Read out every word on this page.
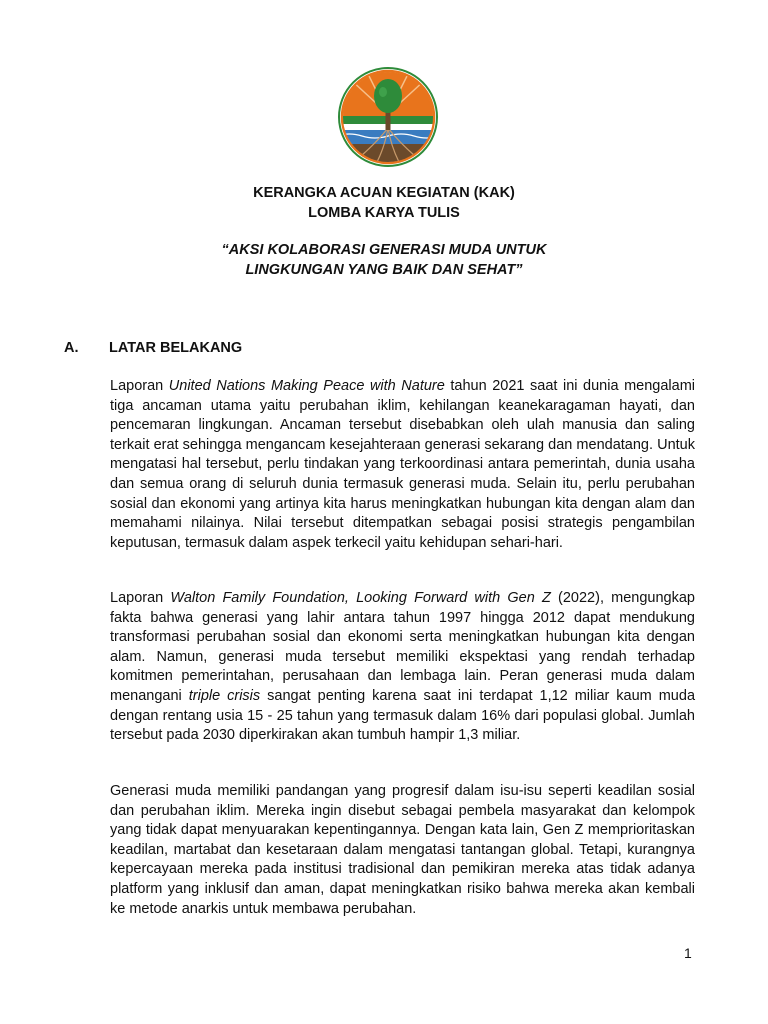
KERANGKA ACUAN KEGIATAN (KAK)
LOMBA KARYA TULIS
“AKSI KOLABORASI GENERASI MUDA UNTUK
LINGKUNGAN YANG BAIK DAN SEHAT”
A. LATAR BELAKANG

Laporan United Nations Making Peace with Nature tahun 2021 saat ini dunia mengalami tiga ancaman utama yaitu perubahan iklim, kehilangan keanekaragaman hayati, dan pencemaran lingkungan. Ancaman tersebut disebabkan oleh ulah manusia dan saling terkait erat sehingga mengancam kesejahteraan generasi sekarang dan mendatang. Untuk mengatasi hal tersebut, perlu tindakan yang terkoordinasi antara pemerintah, dunia usaha dan semua orang di seluruh dunia termasuk generasi muda. Selain itu, perlu perubahan sosial dan ekonomi yang artinya kita harus meningkatkan hubungan kita dengan alam dan memahami nilainya. Nilai tersebut ditempatkan sebagai posisi strategis pengambilan keputusan, termasuk dalam aspek terkecil yaitu kehidupan sehari-hari.

Laporan Walton Family Foundation, Looking Forward with Gen Z (2022), mengungkap fakta bahwa generasi yang lahir antara tahun 1997 hingga 2012 dapat mendukung transformasi perubahan sosial dan ekonomi serta meningkatkan hubungan kita dengan alam. Namun, generasi muda tersebut memiliki ekspektasi yang rendah terhadap komitmen pemerintahan, perusahaan dan lembaga lain. Peran generasi muda dalam menangani triple crisis sangat penting karena saat ini terdapat 1,12 miliar kaum muda dengan rentang usia 15 - 25 tahun yang termasuk dalam 16% dari populasi global. Jumlah tersebut pada 2030 diperkirakan akan tumbuh hampir 1,3 miliar.

Generasi muda memiliki pandangan yang progresif dalam isu-isu seperti keadilan sosial dan perubahan iklim. Mereka ingin disebut sebagai pembela masyarakat dan kelompok yang tidak dapat menyuarakan kepentingannya. Dengan kata lain, Gen Z memprioritaskan keadilan, martabat dan kesetaraan dalam mengatasi tantangan global. Tetapi, kurangnya kepercayaan mereka pada institusi tradisional dan pemikiran mereka atas tidak adanya platform yang inklusif dan aman, dapat meningkatkan risiko bahwa mereka akan kembali ke metode anarkis untuk membawa perubahan.

1
